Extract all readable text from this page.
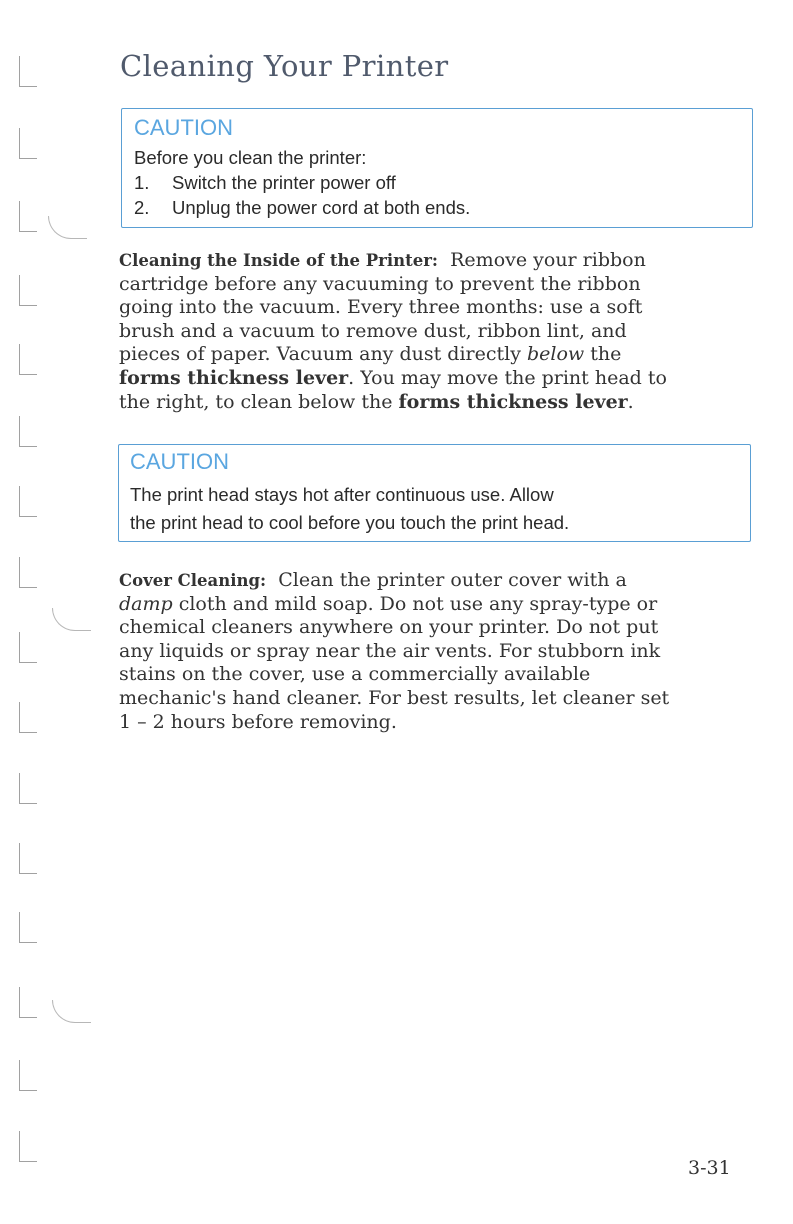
Cleaning Your Printer
CAUTION
Before you clean the printer:
1. Switch the printer power off
2. Unplug the power cord at both ends.

Cleaning the Inside of the Printer: Remove your ribbon
cartridge before any vacuuming to prevent the ribbon
going into the vacuum. Every three months: use a soft
brush and a vacuum to remove dust, ribbon lint, and
pieces of paper. Vacuum any dust directly below the
forms thickness lever. You may move the print head to
the right, to clean below the forms thickness lever.

CAUTION
The print head stays hot after continuous use. Allow
the print head to cool before you touch the print head.

Cover Cleaning: Clean the printer outer cover with a
damp cloth and mild soap. Do not use any spray-type or
chemical cleaners anywhere on your printer. Do not put
any liquids or spray near the air vents. For stubborn ink
stains on the cover, use a commercially available
mechanic's hand cleaner. For best results, let cleaner set
1 – 2 hours before removing.

3-31
